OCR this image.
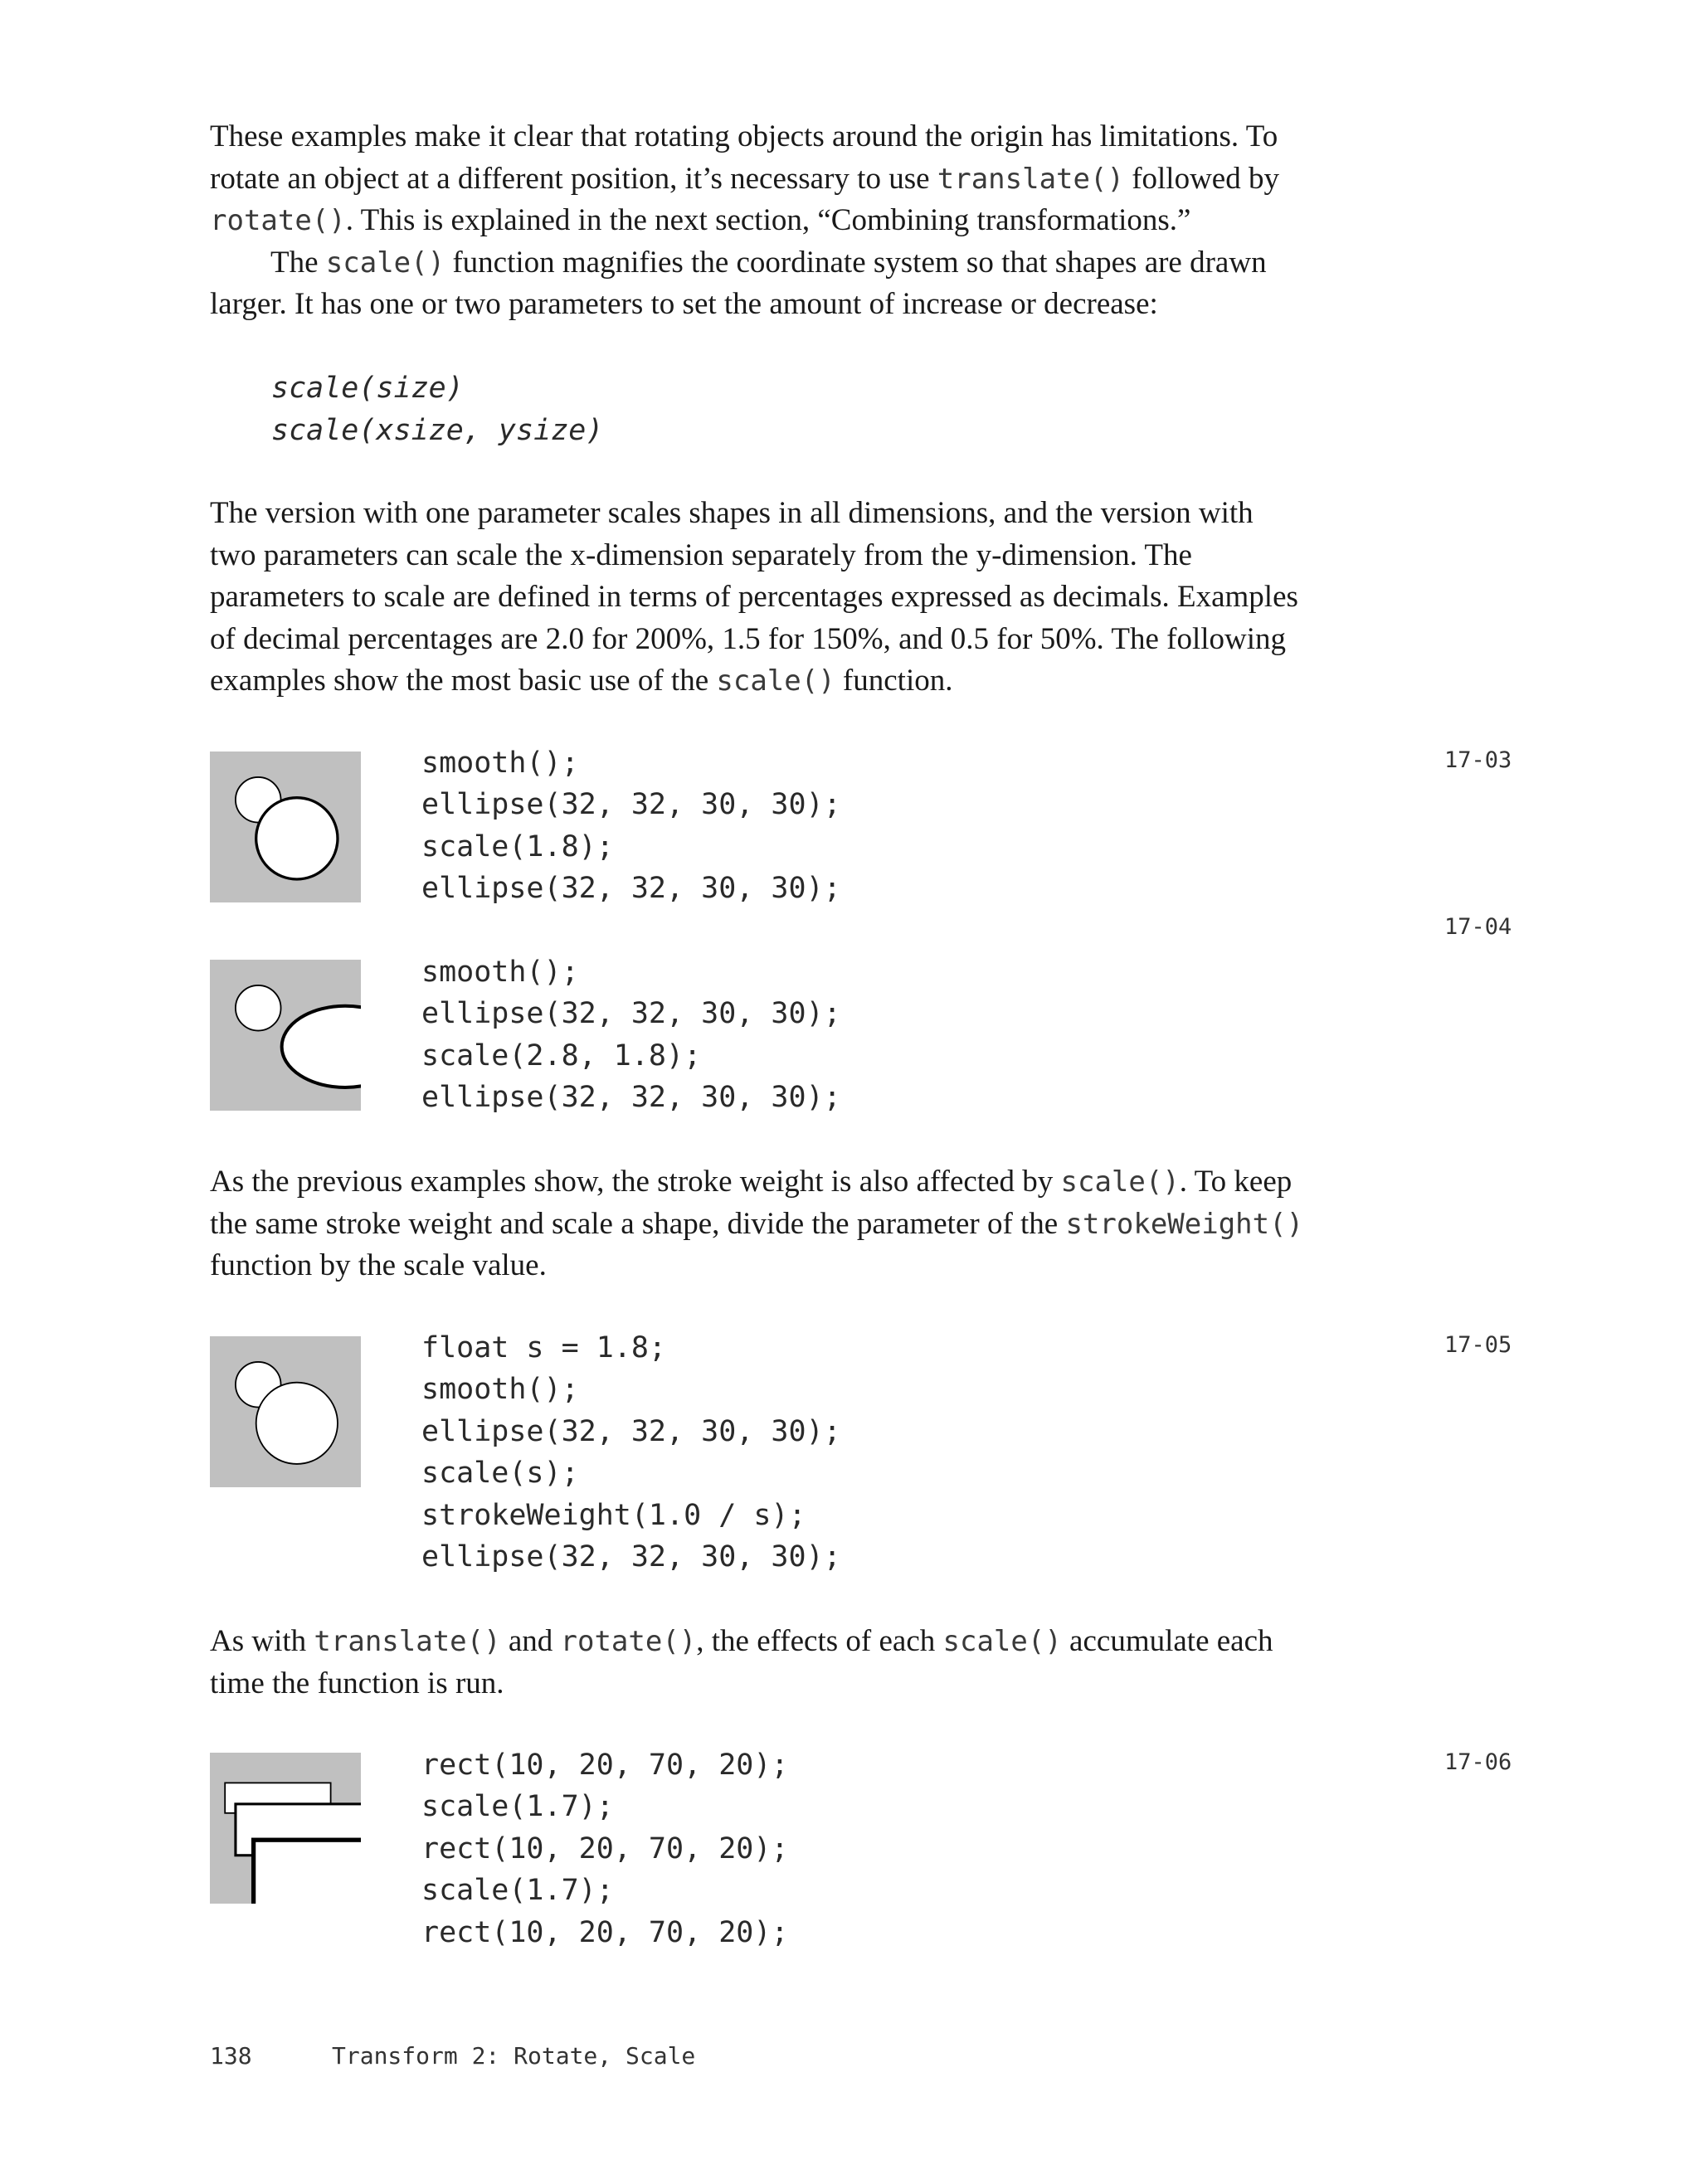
These examples make it clear that rotating objects around the origin has limitations. To
rotate an object at a different position, it’s necessary to use translate() followed by
rotate(). This is explained in the next section, “Combining transformations.”
The scale() function magnifies the coordinate system so that shapes are drawn
larger. It has one or two parameters to set the amount of increase or decrease:

scale(size)
scale(xsize, ysize)

The version with one parameter scales shapes in all dimensions, and the version with
two parameters can scale the x-dimension separately from the y-dimension. The
parameters to scale are defined in terms of percentages expressed as decimals. Examples
of decimal percentages are 2.0 for 200%, 1.5 for 150%, and 0.5 for 50%. The following
examples show the most basic use of the scale() function.

smooth();
ellipse(32, 32, 30, 30);
scale(1.8);
ellipse(32, 32, 30, 30);
17-03
17-04
smooth();
ellipse(32, 32, 30, 30);
scale(2.8, 1.8);
ellipse(32, 32, 30, 30);

As the previous examples show, the stroke weight is also affected by scale(). To keep
the same stroke weight and scale a shape, divide the parameter of the strokeWeight()
function by the scale value.

float s = 1.8;
smooth();
ellipse(32, 32, 30, 30);
scale(s);
strokeWeight(1.0 / s);
ellipse(32, 32, 30, 30);
17-05

As with translate() and rotate(), the effects of each scale() accumulate each
time the function is run.

rect(10, 20, 70, 20);
scale(1.7);
rect(10, 20, 70, 20);
scale(1.7);
rect(10, 20, 70, 20);
17-06
138	Transform 2: Rotate, Scale
